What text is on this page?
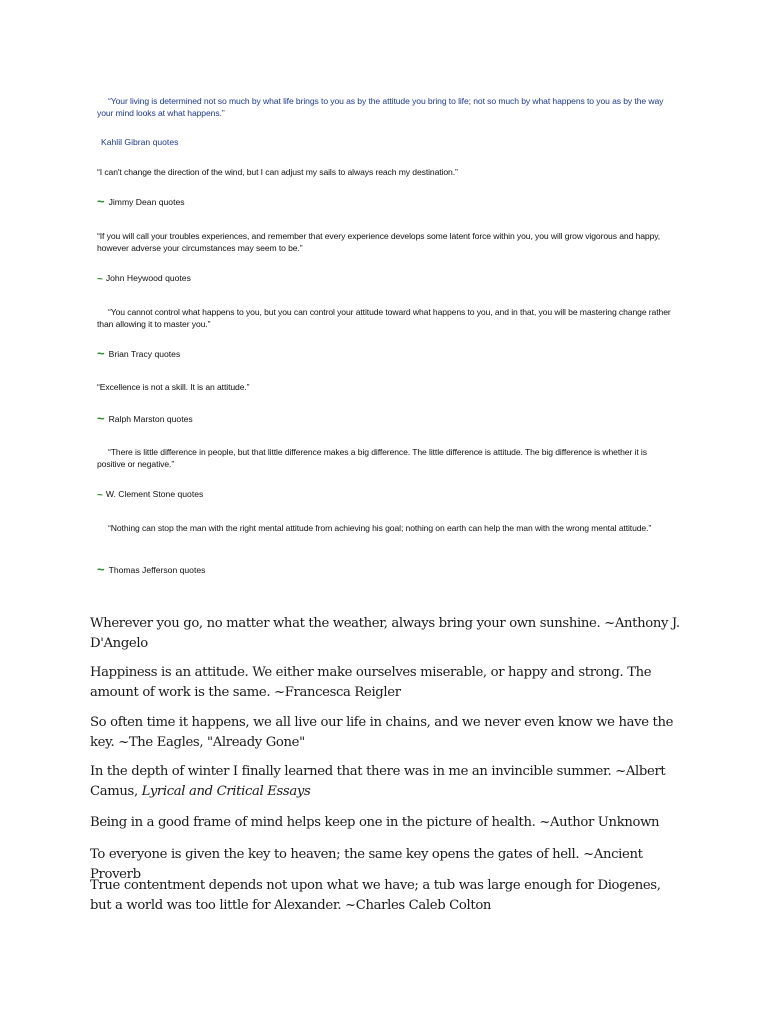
“Your living is determined not so much by what life brings to you as by the attitude you bring to life; not so much by what happens to you as by the way your mind looks at what happens.”
Kahlil Gibran quotes
“I can't change the direction of the wind, but I can adjust my sails to always reach my destination.”
~ Jimmy Dean quotes
“If you will call your troubles experiences, and remember that every experience develops some latent force within you, you will grow vigorous and happy, however adverse your circumstances may seem to be.”
~ John Heywood quotes
“You cannot control what happens to you, but you can control your attitude toward what happens to you, and in that, you will be mastering change rather than allowing it to master you.”
~ Brian Tracy quotes
“Excellence is not a skill. It is an attitude.”
~ Ralph Marston quotes
“There is little difference in people, but that little difference makes a big difference. The little difference is attitude. The big difference is whether it is positive or negative.”
~ W. Clement Stone quotes
“Nothing can stop the man with the right mental attitude from achieving his goal; nothing on earth can help the man with the wrong mental attitude.”
~ Thomas Jefferson quotes

Wherever you go, no matter what the weather, always bring your own sunshine. ~Anthony J. D'Angelo

Happiness is an attitude. We either make ourselves miserable, or happy and strong. The amount of work is the same. ~Francesca Reigler

So often time it happens, we all live our life in chains, and we never even know we have the key. ~The Eagles, "Already Gone"

In the depth of winter I finally learned that there was in me an invincible summer. ~Albert Camus, Lyrical and Critical Essays

Being in a good frame of mind helps keep one in the picture of health. ~Author Unknown

To everyone is given the key to heaven; the same key opens the gates of hell. ~Ancient Proverb

True contentment depends not upon what we have; a tub was large enough for Diogenes, but a world was too little for Alexander. ~Charles Caleb Colton
